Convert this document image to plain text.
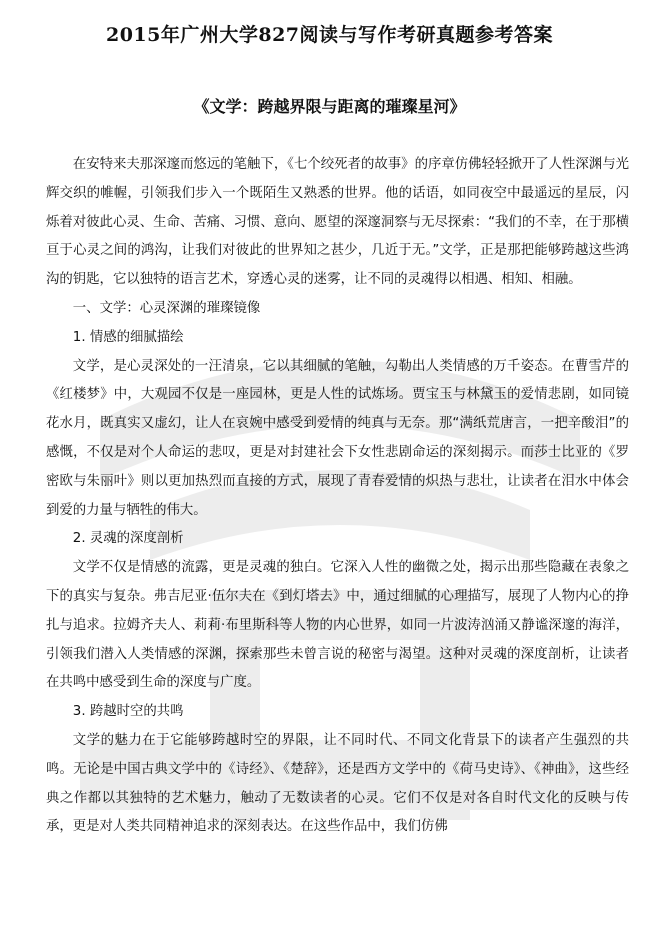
2015年广州大学827阅读与写作考研真题参考答案
《文学：跨越界限与距离的璀璨星河》

在安特来夫那深邃而悠远的笔触下，《七个绞死者的故事》的序章仿佛轻轻掀开了人性深渊与光辉交织的帷幄，引领我们步入一个既陌生又熟悉的世界。他的话语，如同夜空中最遥远的星辰，闪烁着对彼此心灵、生命、苦痛、习惯、意向、愿望的深邃洞察与无尽探索：“我们的不幸，在于那横亘于心灵之间的鸿沟，让我们对彼此的世界知之甚少，几近于无。”文学，正是那把能够跨越这些鸿沟的钥匙，它以独特的语言艺术，穿透心灵的迷雾，让不同的灵魂得以相遇、相知、相融。

一、文学：心灵深渊的璀璨镜像
1. 情感的细腻描绘

文学，是心灵深处的一汪清泉，它以其细腻的笔触，勾勒出人类情感的万千姿态。在曹雪芹的《红楼梦》中，大观园不仅是一座园林，更是人性的试炼场。贾宝玉与林黛玉的爱情悲剧，如同镜花水月，既真实又虚幻，让人在哀婉中感受到爱情的纯真与无奈。那“满纸荒唐言，一把辛酸泪”的感慨，不仅是对个人命运的悲叹，更是对封建社会下女性悲剧命运的深刻揭示。而莎士比亚的《罗密欧与朱丽叶》则以更加热烈而直接的方式，展现了青春爱情的炽热与悲壮，让读者在泪水中体会到爱的力量与牺牲的伟大。

2. 灵魂的深度剖析

文学不仅是情感的流露，更是灵魂的独白。它深入人性的幽微之处，揭示出那些隐藏在表象之下的真实与复杂。弗吉尼亚·伍尔夫在《到灯塔去》中，通过细腻的心理描写，展现了人物内心的挣扎与追求。拉姆齐夫人、莉莉·布里斯科等人物的内心世界，如同一片波涛汹涌又静谧深邃的海洋，引领我们潜入人类情感的深渊，探索那些未曾言说的秘密与渴望。这种对灵魂的深度剖析，让读者在共鸣中感受到生命的深度与广度。

3. 跨越时空的共鸣

文学的魅力在于它能够跨越时空的界限，让不同时代、不同文化背景下的读者产生强烈的共鸣。无论是中国古典文学中的《诗经》、《楚辞》，还是西方文学中的《荷马史诗》、《神曲》，这些经典之作都以其独特的艺术魅力，触动了无数读者的心灵。它们不仅是对各自时代文化的反映与传承，更是对人类共同精神追求的深刻表达。在这些作品中，我们仿佛
